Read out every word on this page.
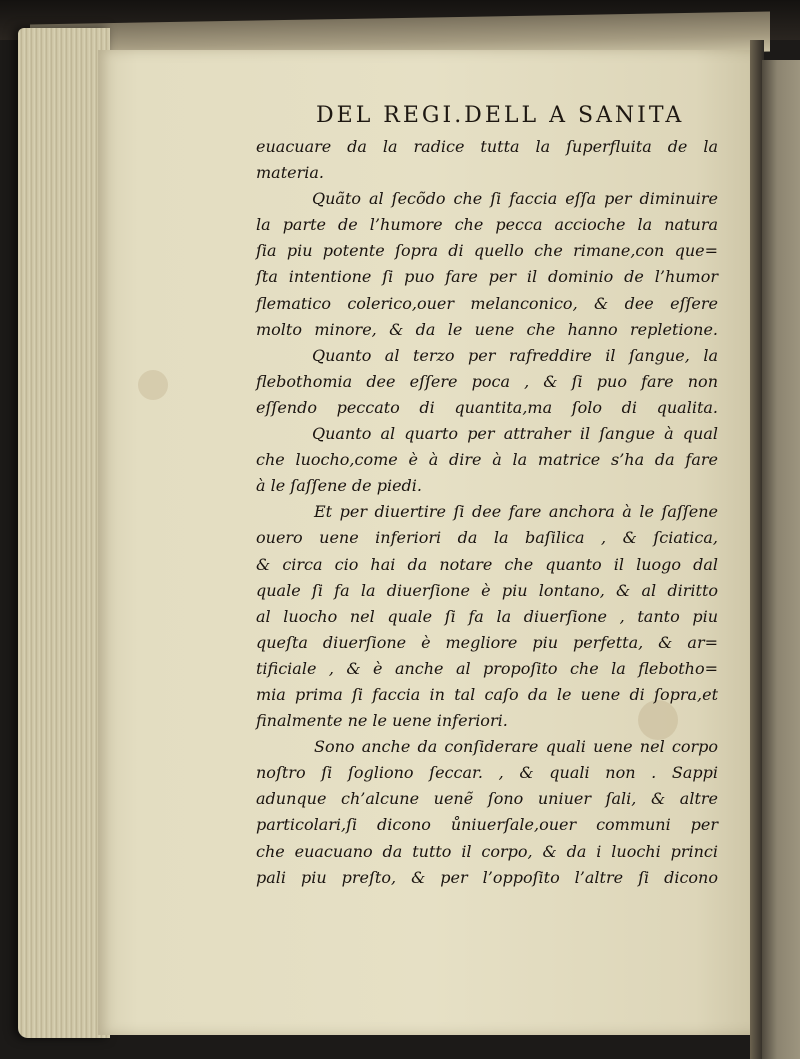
DEL REGI.DELL A SANITA
euacuare da la radice tutta la ſuperfluita de la
materia.
Quãto al ſecõdo che ſi faccia eſſa per diminuire
la parte de l’humore che pecca accioche la natura
ſia piu potente ſopra di quello che rimane,con que=
ſta intentione ſi puo fare per il dominio de l’humor
flematico colerico,ouer melanconico, & dee eſſere
molto minore, & da le uene che hanno repletione.
Quanto al terzo per rafreddire il ſangue, la
flebothomia dee eſſere poca , & ſi puo fare non
eſſendo peccato di quantita,ma ſolo di qualita.
Quanto al quarto per attraher il ſangue à qual
che luocho,come è à dire à la matrice s’ha da fare
à le ſaſſene de piedi.
Et per diuertire ſi dee fare anchora à le ſaſſene
ouero uene inferiori da la baſilica , & ſciatica,
& circa cio hai da notare che quanto il luogo dal
quale ſi fa la diuerſione è piu lontano, & al diritto
al luocho nel quale ſi fa la diuerſione , tanto piu
queſta diuerſione è megliore piu perfetta, & ar=
tificiale , & è anche al propoſito che la flebotho=
mia prima ſi faccia in tal caſo da le uene di ſopra,et
finalmente ne le uene inferiori.
Sono anche da conſiderare quali uene nel corpo
noſtro ſi ſogliono ſeccar. , & quali non . Sappi
adunque ch’alcune uenẽ ſono uniuer ſali, & altre
particolari,ſi dicono ůniuerſale,ouer communi per
che euacuano da tutto il corpo, & da i luochi princi
pali piu preſto, & per l’oppoſito l’altre ſi dicono
